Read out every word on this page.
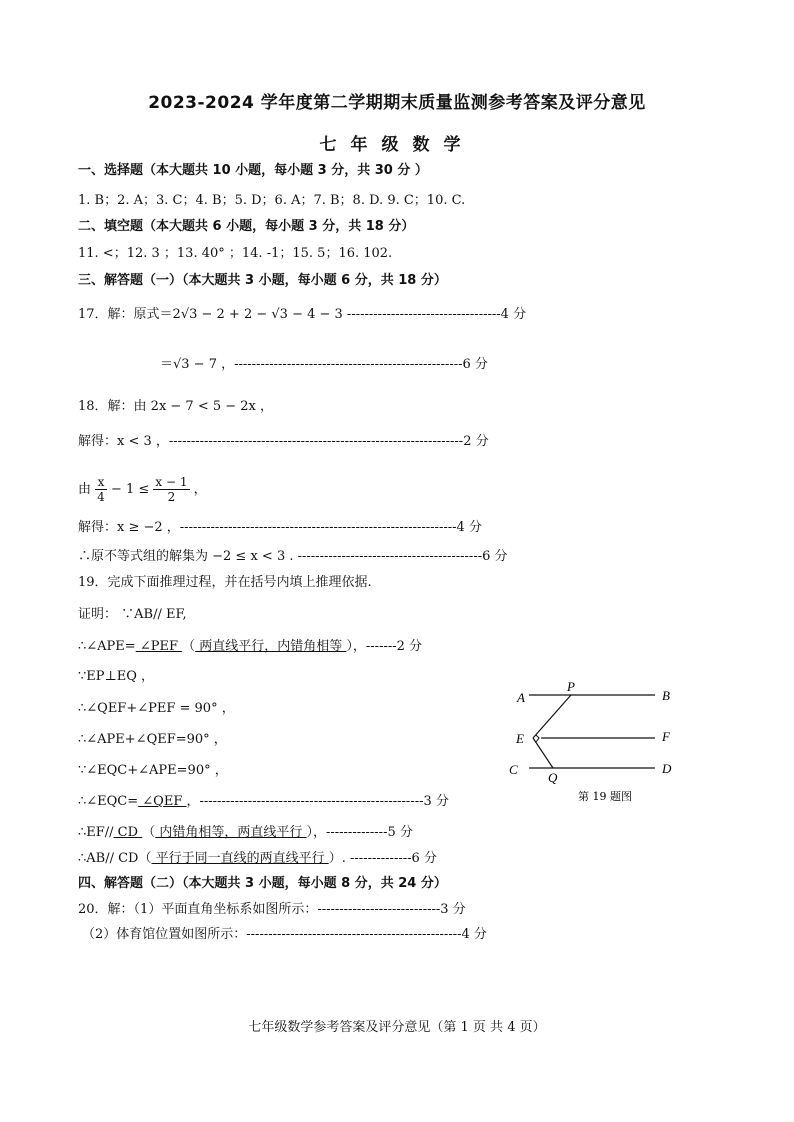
2023-2024 学年度第二学期期末质量监测参考答案及评分意见
七年级数学
一、选择题（本大题共 10 小题，每小题 3 分，共 30 分 ）
1. B；2. A；3. C；4. B；5. D；6. A；7. B；8. D. 9. C；10. C.
二、填空题（本大题共 6 小题，每小题 3 分，共 18 分）
11. <；12. 3 ；13. 40° ；14. -1；15. 5；16. 102.
三、解答题（一）（本大题共 3 小题，每小题 6 分，共 18 分）
17．解：原式＝2√3 − 2 + 2 − √3 − 4 − 3 -----------------------------------4 分
＝√3 − 7 ，----------------------------------------------------6 分
18．解：由 2x − 7 < 5 − 2x ，
解得：x < 3 ，-------------------------------------------------------------------2 分
由 $\frac{x}{4} - 1 \le \frac{x - 1}{2}$ ，
解得：x ≥ −2 ，---------------------------------------------------------------4 分
∴原不等式组的解集为 −2 ≤ x < 3 . ------------------------------------------6 分
19．完成下面推理过程，并在括号内填上推理依据.
证明： ∵AB// EF,
∴∠APE= ∠PEF （ 两直线平行，内错角相等 ），-------2 分
∵EP⊥EQ ，
∴∠QEF+∠PEF = 90° ，
∴∠APE+∠QEF=90° ，
∵∠EQC+∠APE=90° ，
∴∠EQC= ∠QEF ，---------------------------------------------------3 分
∴EF// CD （ 内错角相等，两直线平行 ），--------------5 分
∴AB// CD（ 平行于同一直线的两直线平行 ）. --------------6 分
四、解答题（二）（本大题共 3 小题，每小题 8 分，共 24 分）
20．解：（1）平面直角坐标系如图所示：----------------------------3 分
（2）体育馆位置如图所示：-------------------------------------------------4 分
A
P
B
E	F
C
Q
D
第 19 题图
七年级数学参考答案及评分意见（第 1 页 共 4 页）
